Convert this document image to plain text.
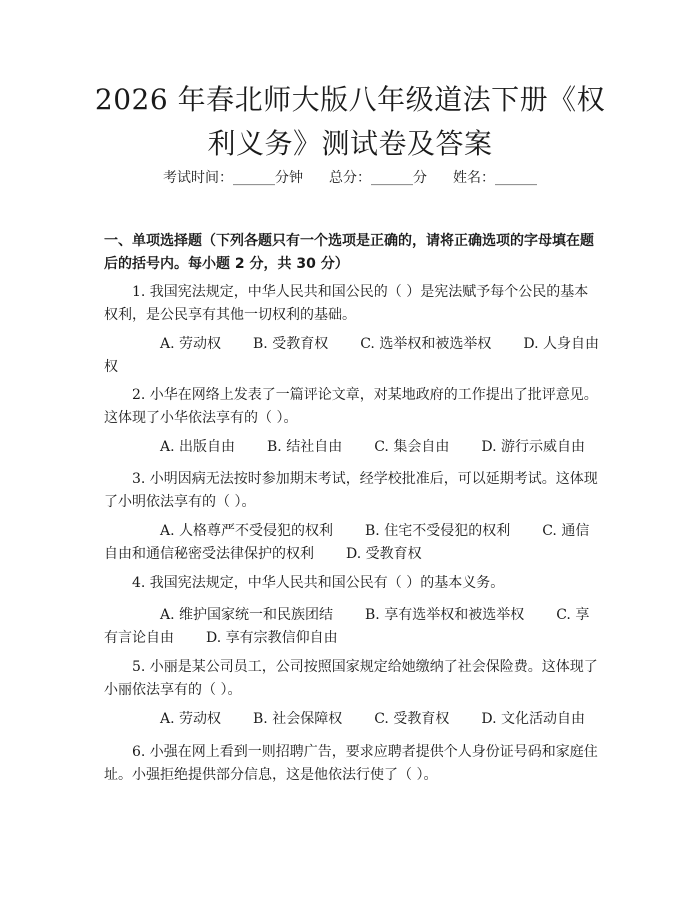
2026 年春北师大版八年级道法下册《权利义务》测试卷及答案
考试时间：______分钟 总分：______分 姓名：______

一、单项选择题（下列各题只有一个选项是正确的，请将正确选项的字母填在题后的括号内。每小题 2 分，共 30 分）

1. 我国宪法规定，中华人民共和国公民的（ ）是宪法赋予每个公民的基本权利，是公民享有其他一切权利的基础。

A. 劳动权 B. 受教育权 C. 选举权和被选举权 D. 人身自由权

2. 小华在网络上发表了一篇评论文章，对某地政府的工作提出了批评意见。这体现了小华依法享有的（ ）。

A. 出版自由 B. 结社自由 C. 集会自由 D. 游行示威自由

3. 小明因病无法按时参加期末考试，经学校批准后，可以延期考试。这体现了小明依法享有的（ ）。

A. 人格尊严不受侵犯的权利 B. 住宅不受侵犯的权利 C. 通信自由和通信秘密受法律保护的权利 D. 受教育权

4. 我国宪法规定，中华人民共和国公民有（ ）的基本义务。

A. 维护国家统一和民族团结 B. 享有选举权和被选举权 C. 享有言论自由 D. 享有宗教信仰自由

5. 小丽是某公司员工，公司按照国家规定给她缴纳了社会保险费。这体现了小丽依法享有的（ ）。

A. 劳动权 B. 社会保障权 C. 受教育权 D. 文化活动自由

6. 小强在网上看到一则招聘广告，要求应聘者提供个人身份证号码和家庭住址。小强拒绝提供部分信息，这是他依法行使了（ ）。
